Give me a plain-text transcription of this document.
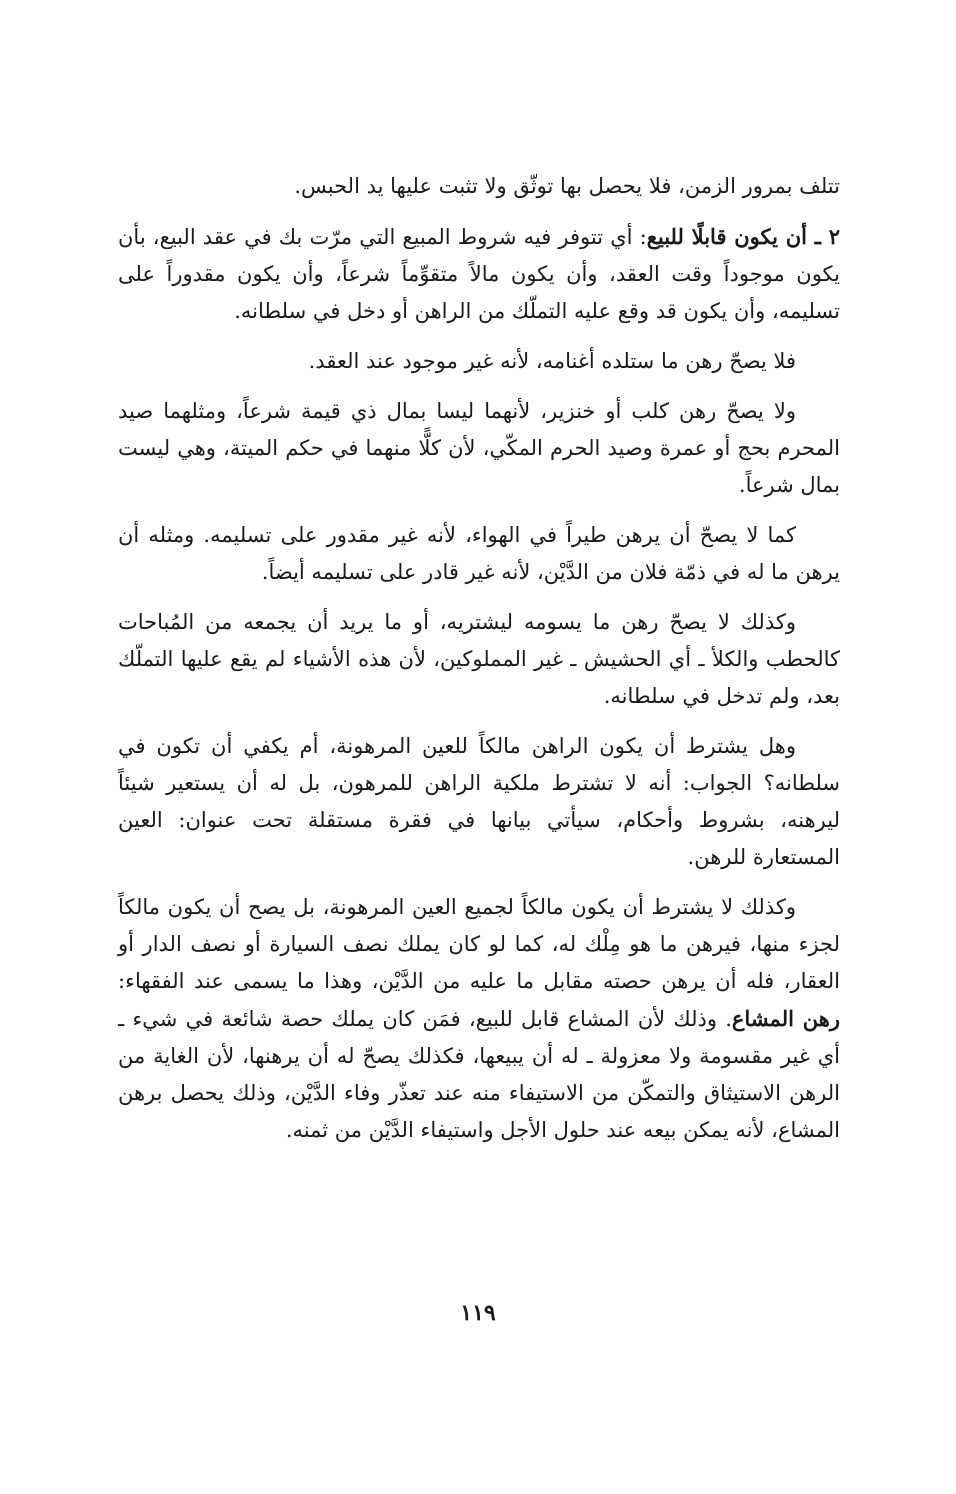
تتلف بمرور الزمن، فلا يحصل بها توثّق ولا تثبت عليها يد الحبس.

٢ ـ أن يكون قابلًا للبيع: أي تتوفر فيه شروط المبيع التي مرّت بك في عقد البيع، بأن يكون موجوداً وقت العقد، وأن يكون مالاً متقوِّماً شرعاً، وأن يكون مقدوراً على تسليمه، وأن يكون قد وقع عليه التملّك من الراهن أو دخل في سلطانه.

فلا يصحّ رهن ما ستلده أغنامه، لأنه غير موجود عند العقد.

ولا يصحّ رهن كلب أو خنزير، لأنهما ليسا بمال ذي قيمة شرعاً، ومثلهما صيد المحرم بحج أو عمرة وصيد الحرم المكّي، لأن كلًّا منهما في حكم الميتة، وهي ليست بمال شرعاً.

كما لا يصحّ أن يرهن طيراً في الهواء، لأنه غير مقدور على تسليمه. ومثله أن يرهن ما له في ذمّة فلان من الدَّيْن، لأنه غير قادر على تسليمه أيضاً.

وكذلك لا يصحّ رهن ما يسومه ليشتريه، أو ما يريد أن يجمعه من المُباحات كالحطب والكلأ ـ أي الحشيش ـ غير المملوكين، لأن هذه الأشياء لم يقع عليها التملّك بعد، ولم تدخل في سلطانه.

وهل يشترط أن يكون الراهن مالكاً للعين المرهونة، أم يكفي أن تكون في سلطانه؟ الجواب: أنه لا تشترط ملكية الراهن للمرهون، بل له أن يستعير شيئاً ليرهنه، بشروط وأحكام، سيأتي بيانها في فقرة مستقلة تحت عنوان: العين المستعارة للرهن.

وكذلك لا يشترط أن يكون مالكاً لجميع العين المرهونة، بل يصح أن يكون مالكاً لجزء منها، فيرهن ما هو مِلْك له، كما لو كان يملك نصف السيارة أو نصف الدار أو العقار، فله أن يرهن حصته مقابل ما عليه من الدَّيْن، وهذا ما يسمى عند الفقهاء: رهن المشاع. وذلك لأن المشاع قابل للبيع، فمَن كان يملك حصة شائعة في شيء ـ أي غير مقسومة ولا معزولة ـ له أن يبيعها، فكذلك يصحّ له أن يرهنها، لأن الغاية من الرهن الاستيثاق والتمكّن من الاستيفاء منه عند تعذّر وفاء الدَّيْن، وذلك يحصل برهن المشاع، لأنه يمكن بيعه عند حلول الأجل واستيفاء الدَّيْن من ثمنه.

١١٩
